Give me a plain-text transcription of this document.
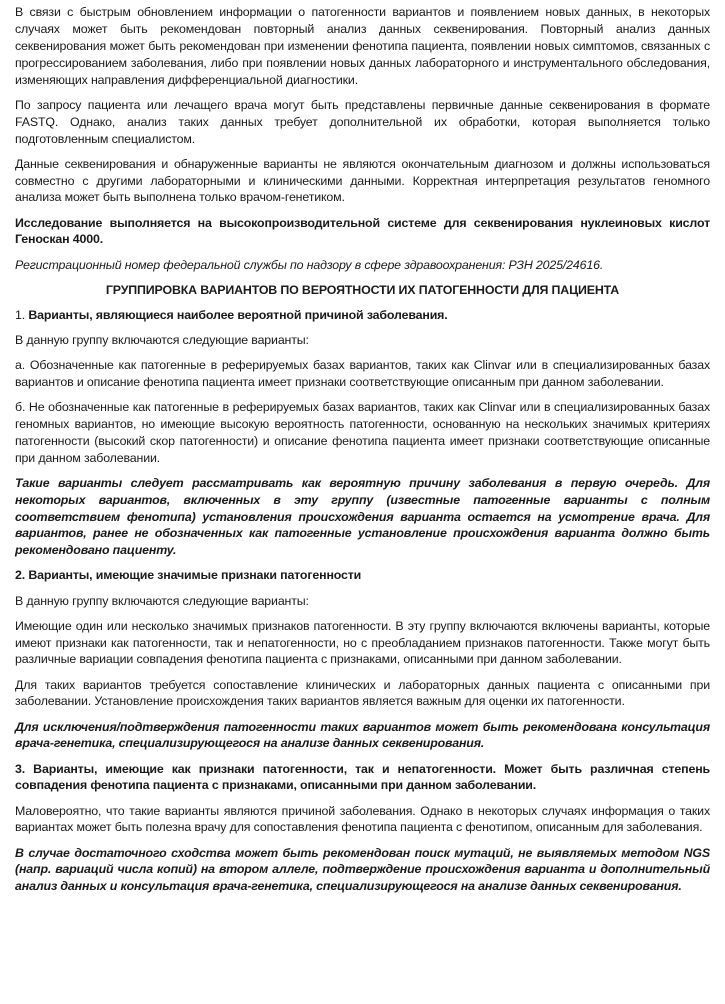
В связи с быстрым обновлением информации о патогенности вариантов и появлением новых данных, в некоторых случаях может быть рекомендован повторный анализ данных секвенирования. Повторный анализ данных секвенирования может быть рекомендован при изменении фенотипа пациента, появлении новых симптомов, связанных с прогрессированием заболевания, либо при появлении новых данных лабораторного и инструментального обследования, изменяющих направления дифференциальной диагностики.

По запросу пациента или лечащего врача могут быть представлены первичные данные секвенирования в формате FASTQ. Однако, анализ таких данных требует дополнительной их обработки, которая выполняется только подготовленным специалистом.

Данные секвенирования и обнаруженные варианты не являются окончательным диагнозом и должны использоваться совместно с другими лабораторными и клиническими данными. Корректная интерпретация результатов геномного анализа может быть выполнена только врачом-генетиком.

Исследование выполняется на высокопроизводительной системе для секвенирования нуклеиновых кислот Геноскан 4000.

Регистрационный номер федеральной службы по надзору в сфере здравоохранения: РЗН 2025/24616.

ГРУППИРОВКА ВАРИАНТОВ ПО ВЕРОЯТНОСТИ ИХ ПАТОГЕННОСТИ ДЛЯ ПАЦИЕНТА

1. Варианты, являющиеся наиболее вероятной причиной заболевания.

В данную группу включаются следующие варианты:

а. Обозначенные как патогенные в реферируемых базах вариантов, таких как Clinvar или в специализированных базах вариантов и описание фенотипа пациента имеет признаки соответствующие описанным при данном заболевании.

б. Не обозначенные как патогенные в реферируемых базах вариантов, таких как Clinvar или в специализированных базах геномных вариантов, но имеющие высокую вероятность патогенности, основанную на нескольких значимых критериях патогенности (высокий скор патогенности) и описание фенотипа пациента имеет признаки соответствующие описанные при данном заболевании.

Такие варианты следует рассматривать как вероятную причину заболевания в первую очередь. Для некоторых вариантов, включенных в эту группу (известные патогенные варианты с полным соответствием фенотипа) установления происхождения варианта остается на усмотрение врача. Для вариантов, ранее не обозначенных как патогенные установление происхождения варианта должно быть рекомендовано пациенту.

2. Варианты, имеющие значимые признаки патогенности

В данную группу включаются следующие варианты:

Имеющие один или несколько значимых признаков патогенности. В эту группу включаются включены варианты, которые имеют признаки как патогенности, так и непатогенности, но с преобладанием признаков патогенности. Также могут быть различные вариации совпадения фенотипа пациента с признаками, описанными при данном заболевании.

Для таких вариантов требуется сопоставление клинических и лабораторных данных пациента с описанными при заболевании. Установление происхождения таких вариантов является важным для оценки их патогенности.

Для исключения/подтверждения патогенности таких вариантов может быть рекомендована консультация врача-генетика, специализирующегося на анализе данных секвенирования.

3. Варианты, имеющие как признаки патогенности, так и непатогенности. Может быть различная степень совпадения фенотипа пациента с признаками, описанными при данном заболевании.

Маловероятно, что такие варианты являются причиной заболевания. Однако в некоторых случаях информация о таких вариантах может быть полезна врачу для сопоставления фенотипа пациента с фенотипом, описанным для заболевания.

В случае достаточного сходства может быть рекомендован поиск мутаций, не выявляемых методом NGS (напр. вариаций числа копий) на втором аллеле, подтверждение происхождения варианта и дополнительный анализ данных и консультация врача-генетика, специализирующегося на анализе данных секвенирования.
